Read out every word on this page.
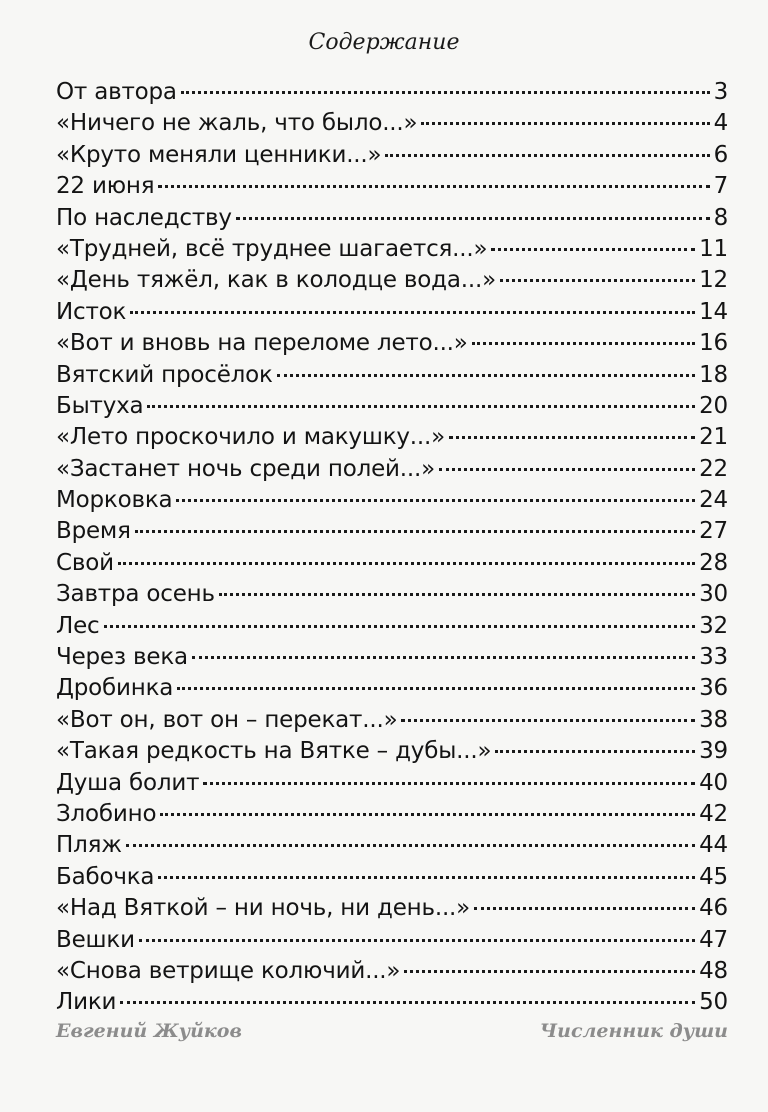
Содержание
От автора	3
«Ничего не жаль, что было...»	4
«Круто меняли ценники...»	6
22 июня	7
По наследству	8
«Трудней, всё труднее шагается...»	11
«День тяжёл, как в колодце вода...»	12
Исток	14
«Вот и вновь на переломе лето...»	16
Вятский просёлок	18
Бытуха	20
«Лето проскочило и макушку...»	21
«Застанет ночь среди полей...»	22
Морковка	24
Время	27
Свой	28
Завтра осень	30
Лес	32
Через века	33
Дробинка	36
«Вот он, вот он – перекат...»	38
«Такая редкость на Вятке – дубы...»	39
Душа болит	40
Злобино	42
Пляж	44
Бабочка	45
«Над Вяткой – ни ночь, ни день...»	46
Вешки	47
«Снова ветрище колючий...»	48
Лики	50
Евгений Жуйков	Численник души
